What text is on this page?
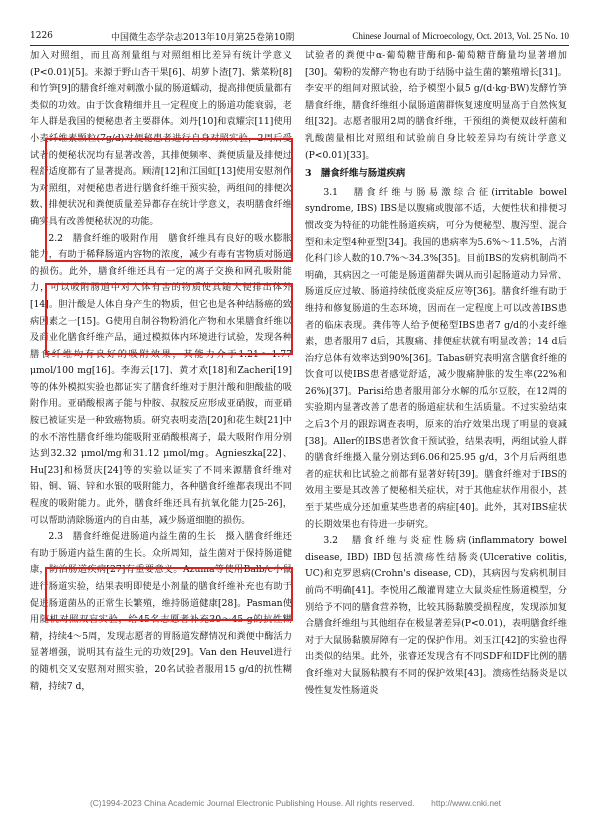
1226	中国微生态学杂志2013年10月第25卷第10期	Chinese Journal of Microecology, Oct. 2013, Vol. 25 No. 10

加入对照组，而且高剂量组与对照组相比差异有统计学意义(P<0.01)[5]。来源于野山杏干果[6]、胡萝卜渣[7]、紫菜粉[8]和竹笋[9]的膳食纤维对刺激小鼠的肠道蠕动，提高排便质量都有类似的功效。由于饮食精细并且一定程度上的肠道功能衰弱，老年人群是我国的便秘患者主要群体。刘丹[10]和袁耀宗[11]使用小麦纤维素颗粒(7g/d)对便秘患者进行自身对照实验，2周后受试者的便秘状况均有显著改善，其排便频率、粪便质量及排便过程舒适度都有了显著提高。顾清[12]和江国虹[13]使用安慰剂作为对照组，对便秘患者进行膳食纤维干预实验，两组间的排便次数、排便状况和粪便质量差异都存在统计学意义，表明膳食纤维确实具有改善便秘状况的功能。

2.2　膳食纤维的吸附作用　膳食纤维具有良好的吸水膨胀能力，有助于稀释肠道内容物的浓度，减少有毒有害物质对肠道的损伤。此外，膳食纤维还具有一定的离子交换和网孔吸附能力，可以吸附肠道中对人体有害的物质使其随大便排出体外[14]。胆汁酸是人体自身产生的物质，但它也是各种结肠癌的致病因素之一[15]。G使用自制谷物粉消化产物和水果膳食纤维以及商业化膳食纤维产品，通过模拟体内环境进行试验，发现各种膳食纤维均有良好的吸附效果，其能力介于1.21～1.77 μmol/100 mg[16]。李海云[17]、黄才欢[18]和Zacheri[19]等的体外模拟实验也都证实了膳食纤维对于胆汁酸和胆酸盐的吸附作用。亚硝酸根离子能与仲胺、叔胺反应形成亚硝胺，而亚硝胺已被证实是一种致癌物质。研究表明麦浩[20]和花生麸[21]中的水不溶性膳食纤维均能吸附亚硝酸根离子，最大吸附作用分别达到32.32 μmol/mg和31.12 μmol/mg。Agnieszka[22]、Hu[23]和杨贤庆[24]等的实验以证实了不同来源膳食纤维对铅、铜、镉、锌和水银的吸附能力，各种膳食纤维都表现出不同程度的吸附能力。此外，膳食纤维还具有抗氧化能力[25-26]，可以帮助清除肠道内的自由基，减少肠道细胞的损伤。

2.3　膳食纤维促进肠道内益生菌的生长　摄入膳食纤维还有助于肠道内益生菌的生长。众所周知，益生菌对于保持肠道健康，防治肠道疾病[27]有重要意义。Azuma等使用Balb/c小鼠进行肠道实验，结果表明即使是小剂量的膳食纤维补充也有助于促进肠道菌丛的正常生长繁殖，维持肠道健康[28]。Pasman使用随机对照双盲实验，给45名志愿者补充30～45 g的抗性糊精，持续4～5周，发现志愿者的胃肠道发酵情况和粪便中酶活力显著增强，说明其有益生元的功效[29]。Van den Heuvel进行的随机交叉安慰剂对照实验，20名试验者服用15 g/d的抗性糊精，持续7 d，

试验者的粪便中α-葡萄糖苷酶和β-葡萄糖苷酶量均显著增加[30]。菊粉的发酵产物也有助于结肠中益生菌的繁殖增长[31]。李安平的组间对照试验，给予模型小鼠5 g/(d·kg·BW)发酵竹笋膳食纤维，膳食纤维组小鼠肠道菌群恢复速度明显高于自然恢复组[32]。志愿者服用2周的膳食纤维，干预组的粪便双歧杆菌和乳酸菌量相比对照组和试验前自身比较差异均有统计学意义(P<0.01)[33]。

3　膳食纤维与肠道疾病

3.1　膳食纤维与肠易激综合征(irritable bowel syndrome, IBS) IBS是以腹痛或腹部不适，大便性状和排便习惯改变为特征的功能性肠道疾病，可分为便秘型、腹泻型、混合型和未定型4种亚型[34]。我国的患病率为5.6%～11.5%，占消化科门诊人数的10.7%～34.3%[35]。目前IBS的发病机制尚不明确，其病因之一可能是肠道菌群失调从而引起肠道动力异常、肠道反应过敏、肠道持续低度炎症反应等[36]。膳食纤维有助于维持和修复肠道的生态环境，因而在一定程度上可以改善IBS患者的临床表现。龚伟等人给予便秘型IBS患者7 g/d的小麦纤维素，患者服用7 d后，其腹痛、排便症状就有明显改善；14 d后治疗总体有效率达到90%[36]。Tabas研究表明富含膳食纤维的饮食可以使IBS患者感觉舒适，减少腹痛肿胀的发生率(22%和26%)[37]。Parisi给患者服用部分水解的瓜尔豆胶，在12周的实验期内显著改善了患者的肠道症状和生活质量。不过实验结束之后3个月的跟踪调查表明，原来的治疗效果出现了明显的衰减[38]。Aller的IBS患者饮食干预试验，结果表明，两组试验人群的膳食纤维摄入量分别达到6.06和25.95 g/d，3个月后两组患者的症状和比试验之前都有显著好转[39]。膳食纤维对于IBS的效用主要是其改善了便秘相关症状，对于其他症状作用很小，甚至于某些成分还加重某些患者的病症[40]。此外，其对IBS症状的长期效果也有待进一步研究。

3.2　膳食纤维与炎症性肠病(inflammatory bowel disease, IBD) IBD包括溃疡性结肠炎(Ulcerative colitis, UC)和克罗恩病(Crohn's disease, CD)，其病因与发病机制目前尚不明确[41]。李悦用乙酸灌胃建立大鼠炎症性肠道模型，分别给予不同的膳食营养物，比较其肠黏膜受损程度，发现添加复合膳食纤维组与其他组存在极显著差异(P<0.01)，表明膳食纤维对于大鼠肠黏膜屏障有一定的保护作用。刘玉江[42]的实验也得出类似的结果。此外，张睿还发现含有不同SDF和IDF比例的膳食纤维对大鼠肠粘膜有不同的保护效果[43]。溃疡性结肠炎是以慢性复发性肠道炎

(C)1994-2023 China Academic Journal Electronic Publishing House. All rights reserved.　　http://www.cnki.net
